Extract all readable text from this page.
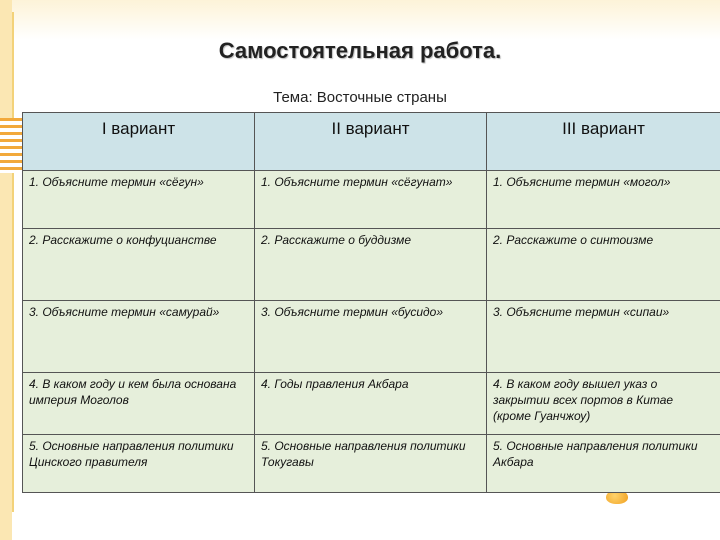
Самостоятельная работа.
Тема: Восточные страны
I вариант	II вариант	III вариант
1. Объясните термин «сёгун»	1. Объясните термин «сёгунат»	1. Объясните термин «могол»
2. Расскажите о конфуцианстве	2. Расскажите о буддизме	2. Расскажите о синтоизме
3. Объясните термин «самурай»	3. Объясните термин «бусидо»	3. Объясните термин «сипаи»
4. В каком году и кем была основана империя Моголов	4. Годы правления Акбара	4. В каком году вышел указ о закрытии всех портов в Китае (кроме Гуанчжоу)
5. Основные направления политики Цинского правителя	5. Основные направления политики Токугавы	5. Основные направления политики Акбара
